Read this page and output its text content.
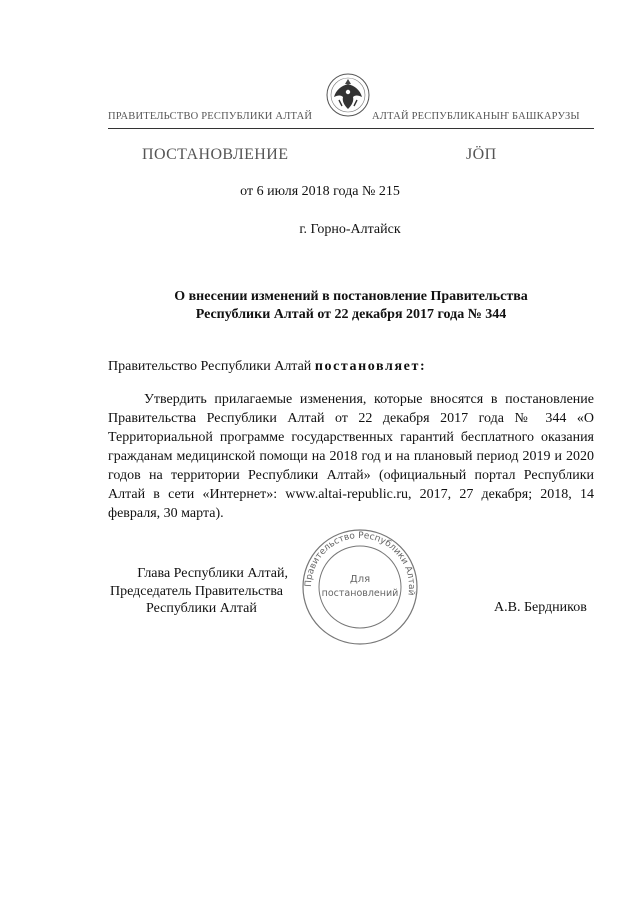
ПРАВИТЕЛЬСТВО РЕСПУБЛИКИ АЛТАЙ	АЛТАЙ РЕСПУБЛИКАНЫҤ БАШКАРУЗЫ
ПОСТАНОВЛЕНИЕ	ЈӦП
от 6 июля 2018 года № 215
г. Горно-Алтайск
О внесении изменений в постановление Правительства
Республики Алтай от 22 декабря 2017 года № 344
Правительство Республики Алтай постановляет:
Утвердить прилагаемые изменения, которые вносятся в постановление Правительства Республики Алтай от 22 декабря 2017 года № 344 «О Территориальной программе государственных гарантий бесплатного оказания гражданам медицинской помощи на 2018 год и на плановый период 2019 и 2020 годов на территории Республики Алтай» (официальный портал Республики Алтай в сети «Интернет»: www.altai-republic.ru, 2017, 27 декабря; 2018, 14 февраля, 30 марта).
Глава Республики Алтай,
Председатель Правительства
Республики Алтай
Правительство Республики Алтай
Для
постановлений
А.В. Бердников
